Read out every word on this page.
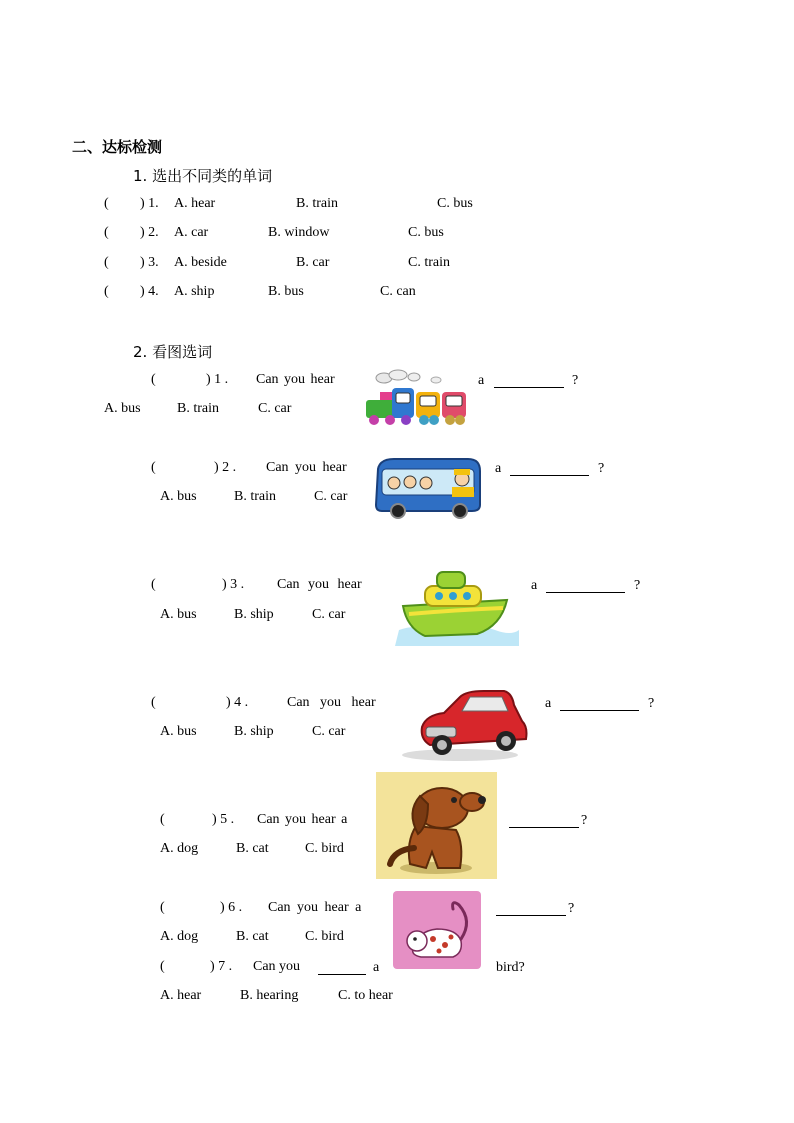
二、达标检测
1. 选出不同类的单词
( ) 1. A. hear	B. train	C. bus
( ) 2. A. car	B. window	C. bus
( ) 3. A. beside	B. car	C. train
( ) 4. A. ship	B. bus	C. can
2. 看图选词
(	) 1 . Can you hear	a	?
A. bus	B. train	C. car
(	) 2 . Can you hear	a	?
A. bus	B. train	C. car
(	) 3 . Can you hear	a	?
A. bus	B. ship	C. car
(	) 4 .	Can you hear	a	?
A. bus	B. ship	C. car
(	) 5 . Can you hear a	?
A. dog	B. cat	C. bird
(	) 6 . Can you hear a	?
A. dog	B. cat	C. bird
(	) 7 . Can you	a	bird?
A. hear	B. hearing	C. to hear
